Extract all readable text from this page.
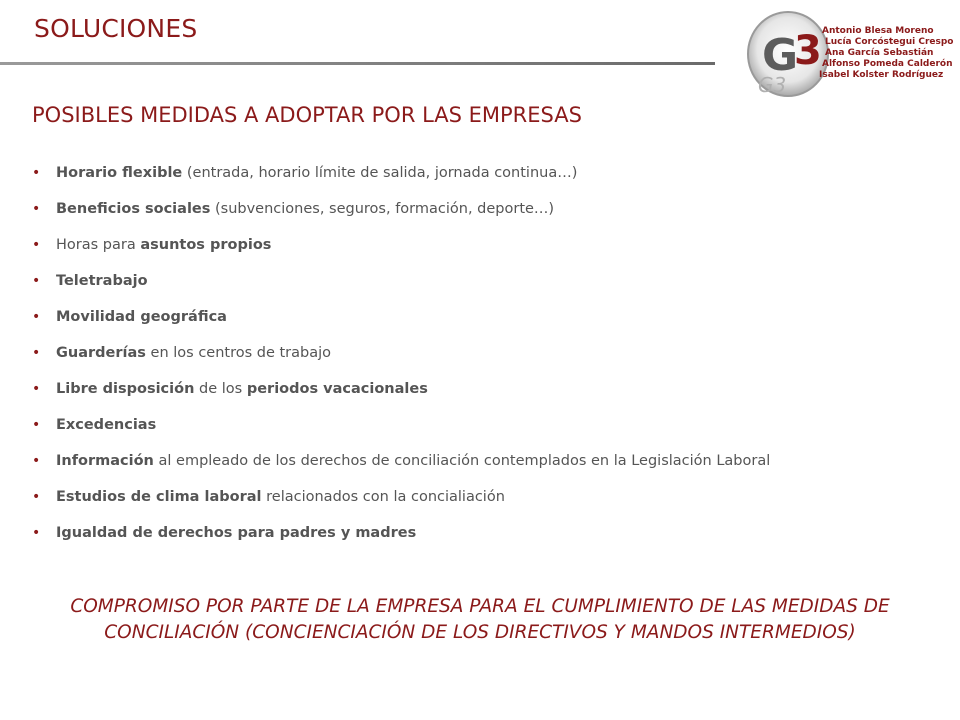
SOLUCIONES
G
3
G3
Antonio Blesa Moreno
Lucía Corcóstegui Crespo
Ana García Sebastián
Alfonso Pomeda Calderón
Isabel Kolster Rodríguez
POSIBLES MEDIDAS A ADOPTAR POR LAS EMPRESAS
• Horario flexible (entrada, horario límite de salida, jornada continua…)
• Beneficios sociales (subvenciones, seguros, formación, deporte…)
• Horas para asuntos propios
• Teletrabajo
• Movilidad geográfica
• Guarderías en los centros de trabajo
• Libre disposición de los periodos vacacionales
• Excedencias
• Información al empleado de los derechos de conciliación contemplados en la Legislación Laboral
• Estudios de clima laboral relacionados con la concialiación
• Igualdad de derechos para padres y madres

COMPROMISO POR PARTE DE LA EMPRESA PARA EL CUMPLIMIENTO DE LAS MEDIDAS DE CONCILIACIÓN (CONCIENCIACIÓN DE LOS DIRECTIVOS Y MANDOS INTERMEDIOS)
